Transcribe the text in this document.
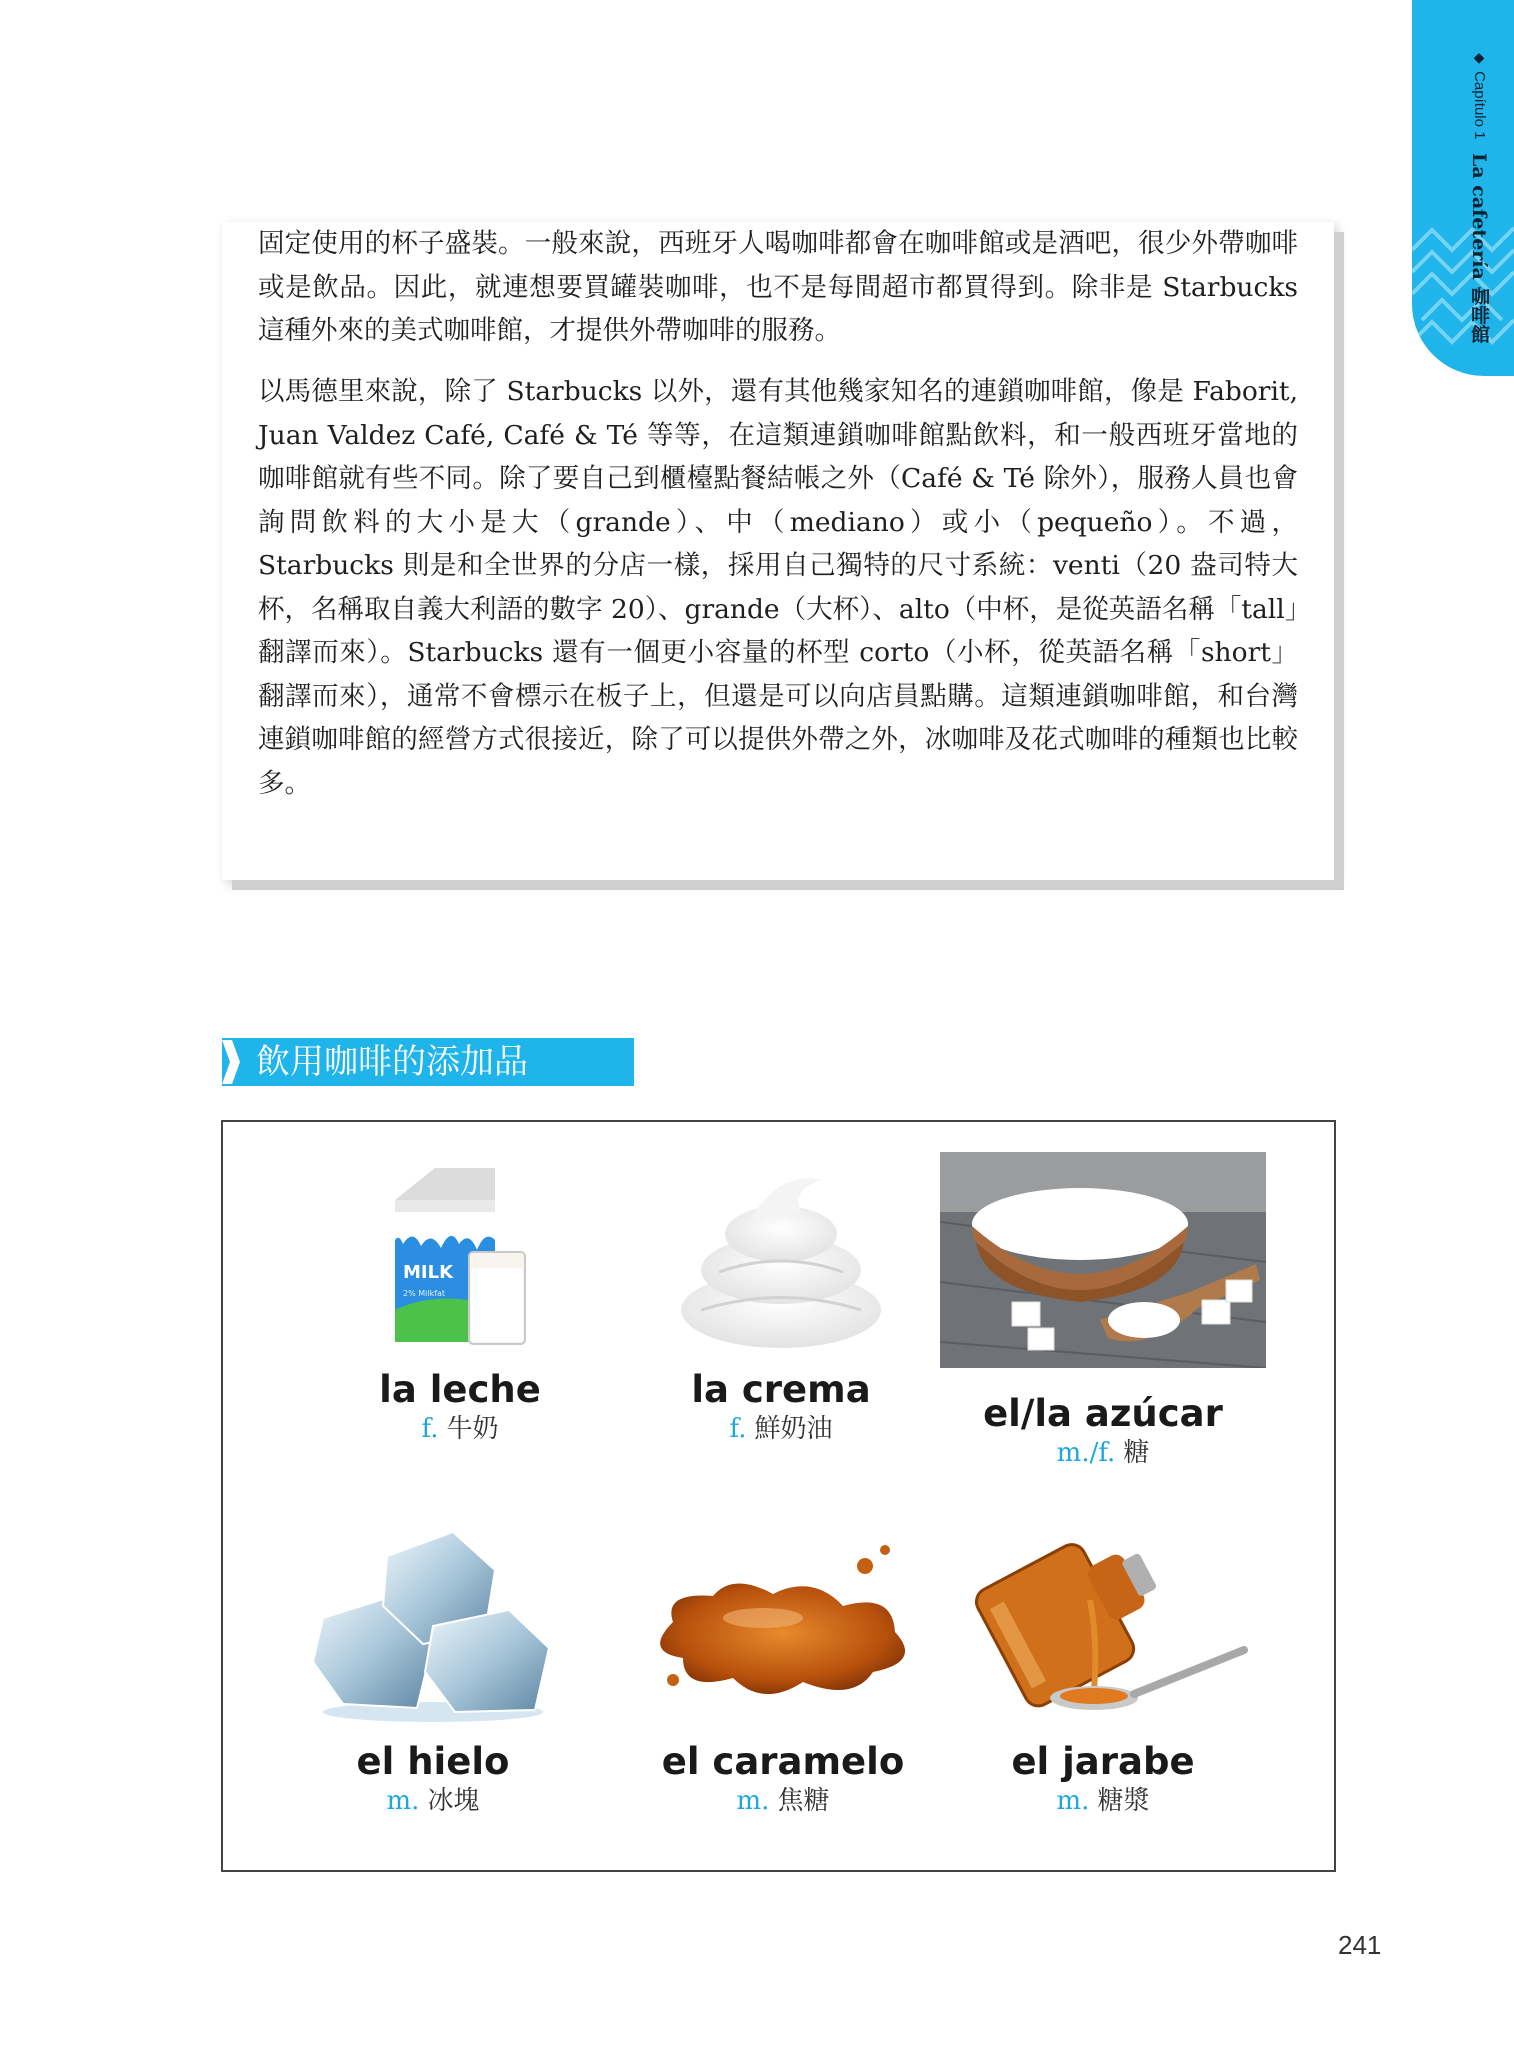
◆ Capítulo 1 La cafetería 咖啡館

固定使用的杯子盛裝。一般來說，西班牙人喝咖啡都會在咖啡館或是酒吧，很少外帶咖啡或是飲品。因此，就連想要買罐裝咖啡，也不是每間超市都買得到。除非是 Starbucks 這種外來的美式咖啡館，才提供外帶咖啡的服務。

以馬德里來說，除了 Starbucks 以外，還有其他幾家知名的連鎖咖啡館，像是 Faborit, Juan Valdez Café, Café & Té 等等，在這類連鎖咖啡館點飲料，和一般西班牙當地的咖啡館就有些不同。除了要自己到櫃檯點餐結帳之外（Café & Té 除外），服務人員也會詢問飲料的大小是大（grande）、中（mediano）或小（pequeño）。不過，Starbucks 則是和全世界的分店一樣，採用自己獨特的尺寸系統：venti（20 盎司特大杯，名稱取自義大利語的數字 20）、grande（大杯）、alto（中杯，是從英語名稱「tall」翻譯而來）。Starbucks 還有一個更小容量的杯型 corto（小杯，從英語名稱「short」翻譯而來），通常不會標示在板子上，但還是可以向店員點購。這類連鎖咖啡館，和台灣連鎖咖啡館的經營方式很接近，除了可以提供外帶之外，冰咖啡及花式咖啡的種類也比較多。

飲用咖啡的添加品
MILK
2% Milkfat
la leche
f. 牛奶
la crema
f. 鮮奶油	el/la azúcar
m./f. 糖
el hielo
m. 冰塊
el caramelo
m. 焦糖
el jarabe
m. 糖漿
241
